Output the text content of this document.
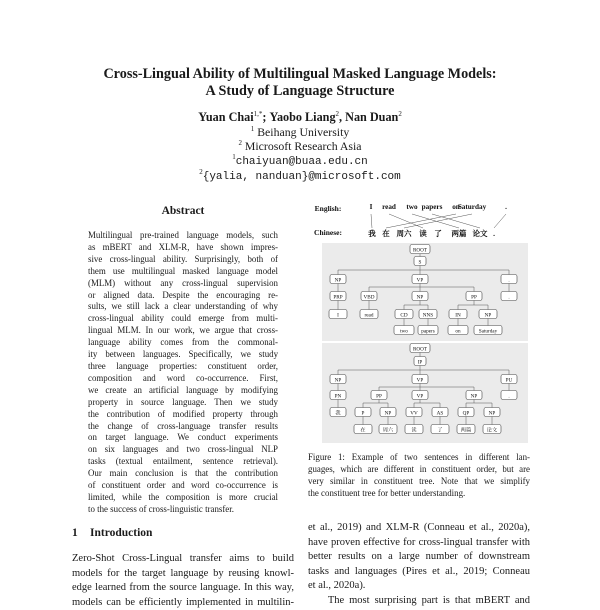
Cross-Lingual Ability of Multilingual Masked Language Models:
A Study of Language Structure
Yuan Chai$^{1,*}$; Yaobo Liang$^2$, Nan Duan$^2$
$^1$ Beihang University
$^2$ Microsoft Research Asia
$^1$chaiyuan@buaa.edu.cn
$^2${yalia, nanduan}@microsoft.com
Abstract
Multilingual pre-trained language models, such
as mBERT and XLM-R, have shown impres-
sive cross-lingual ability. Surprisingly, both of
them use multilingual masked language model
(MLM) without any cross-lingual supervision
or aligned data. Despite the encouraging re-
sults, we still lack a clear understanding of why
cross-lingual ability could emerge from multi-
lingual MLM. In our work, we argue that cross-
language ability comes from the commonal-
ity between languages. Specifically, we study
three language properties: constituent order,
composition and word co-occurrence. First,
we create an artificial language by modifying
property in source language. Then we study
the contribution of modified property through
the change of cross-language transfer results
on target language. We conduct experiments
on six languages and two cross-lingual NLP
tasks (textual entailment, sentence retrieval).
Our main conclusion is that the contribution
of constituent order and word co-occurrence is
limited, while the composition is more crucial
to the success of cross-linguistic transfer.
1 Introduction
Zero-Shot Cross-Lingual transfer aims to build
models for the target language by reusing knowl-
edge learned from the source language. In this way,
models can be efficiently implemented in multilin-
English:
Chinese:
I read two papers on
Saturday	.
我 在 周六 读 了 两篇 论文 .
ROOT
S
NP	VP	.
PRP	VBD	NP	PP	.
I	read	CD	NNS	IN	NP
two	papers	on	Saturday
ROOT
IP
NP	VP	PU
PN	PP	VP	NP	.
我	P	NP	VV	AS	QP	NP
在	周六	读	了	两篇	论文
Figure 1: Example of two sentences in different lan-
guages, which are different in constituent order, but are
very similar in constituent tree. Note that we simplify
the constituent tree for better understanding.
et al., 2019) and XLM-R (Conneau et al., 2020a),
have proven effective for cross-lingual transfer with
better results on a large number of downstream
tasks and languages (Pires et al., 2019; Conneau
et al., 2020a).
The most surprising part is that mBERT and
